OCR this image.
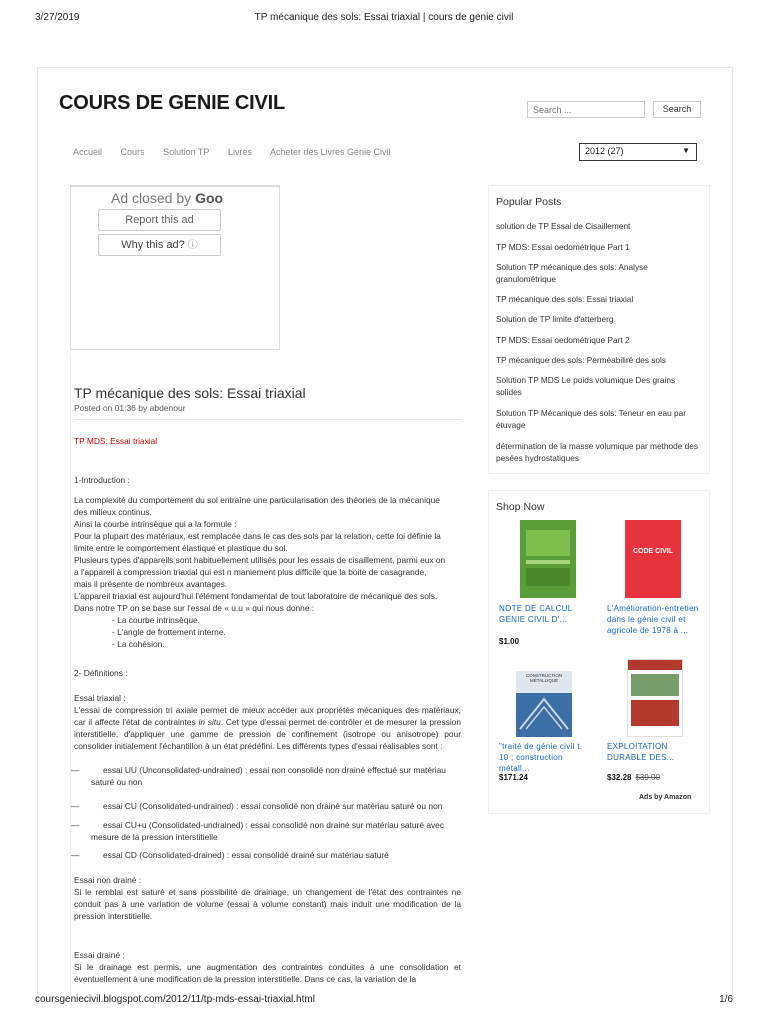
3/27/2019	TP mécanique des sols: Essai triaxial | cours de genie civil
COURS DE GENIE CIVIL
Search ...	Search
Accueil Cours Solution TP Livres Acheter des Livres Génie Civil	2012 (27)	▼
Ad closed by Goo
Report this ad
Why this ad? ⓘ
TP mécanique des sols: Essai triaxial
Posted on 01:36 by abdenour
TP MDS: Essai triaxial
1-Introduction :
La complexité du comportement du sol entraîne une particularisation des théories de la mécanique
des milieux continus.
Ainsi la courbe intrinsèque qui a la formule :
Pour la plupart des matériaux, est remplacée dans le cas des sols par la relation, cette loi définie la
limite entre le comportement élastique et plastique du sol.
Plusieurs types d'appareils sont habituellement utilisés pour les essais de cisaillement, parmi eux on
a l'appareil à compression triaxial qui est n maniement plus difficile que la boite de casagrande,
mais il présente de nombreux avantages.
L'appareil triaxial est aujourd'hui l'élément fondamental de tout laboratoire de mécanique des sols.
Dans notre TP on se base sur l'essai de « u.u » qui nous donne :
- La courbe intrinsèque.
- L'angle de frottement interne.
- La cohésion.
2- Définitions :
Essai triaxial :
L'essai de compression tri axiale permet de mieux accéder aux propriétés mécaniques des matériaux, car il affecte l'état de contraintes in situ. Cet type d'essai permet de contrôler et de mesurer la pression interstitielle, d'appliquer une gamme de pression de confinement (isotrope ou anisotrope) pour consolider initialement l'échantillon à un état prédéfini. Les différents types d'essai réalisables sont :
—	essai UU (Unconsolidated-undrained) : essai non consolidé non drainé effectué sur matériau
saturé ou non
—	essai CU (Consolidated-undrained) : essai consolidé non drainé sur matériau saturé ou non
—	essai CU+u (Consolidated-undrained) : essai consolidé non drainé sur matériau saturé avec
mesure de la pression interstitielle
—	essai CD (Consolidated-drained) : essai consolidé drainé sur matériau saturé
Essai non drainé :
Si le remblai est saturé et sans possibilité de drainage, un changement de l'état des contraintes ne conduit pas à une variation de volume (essai à volume constant) mais induit une modification de la pression interstitielle.
Essai drainé :
Si le drainage est permis, une augmentation des contraintes conduites à une consolidation et éventuellement à une modification de la pression interstitielle. Dans ce cas, la variation de la
Popular Posts
solution de TP Essai de Cisaillement
TP MDS: Essai oedométrique Part 1
Solution TP mécanique des sols: Analyse granulométrique
TP mécanique des sols: Essai triaxial
Solution de TP limite d'atterberg
TP MDS: Essai oedométrique Part 2
TP mécanique des sols: Perméabiliré des sols
Solution TP MDS Le poids volumique Des grains solides
Solution TP Mécanique des sols: Teneur en eau par étuvage
détermination de la masse volumique par methode des pesées hydrostatiques
Shop Now
NOTE DE CALCUL GENIE CIVIL D'...
$1.00
CODE CIVIL
L'Amélioration-entretien dans le génie civil et agricole de 1978 à ...
CONSTRUCTION MÉTALLIQUE
"traité de génie civil t. 10 ; construction métall...
$171.24
EXPLOITATION DURABLE DES...
$32.28 $39.00
Ads by Amazon
coursgeniecivil.blogspot.com/2012/11/tp-mds-essai-triaxial.html	1/6
